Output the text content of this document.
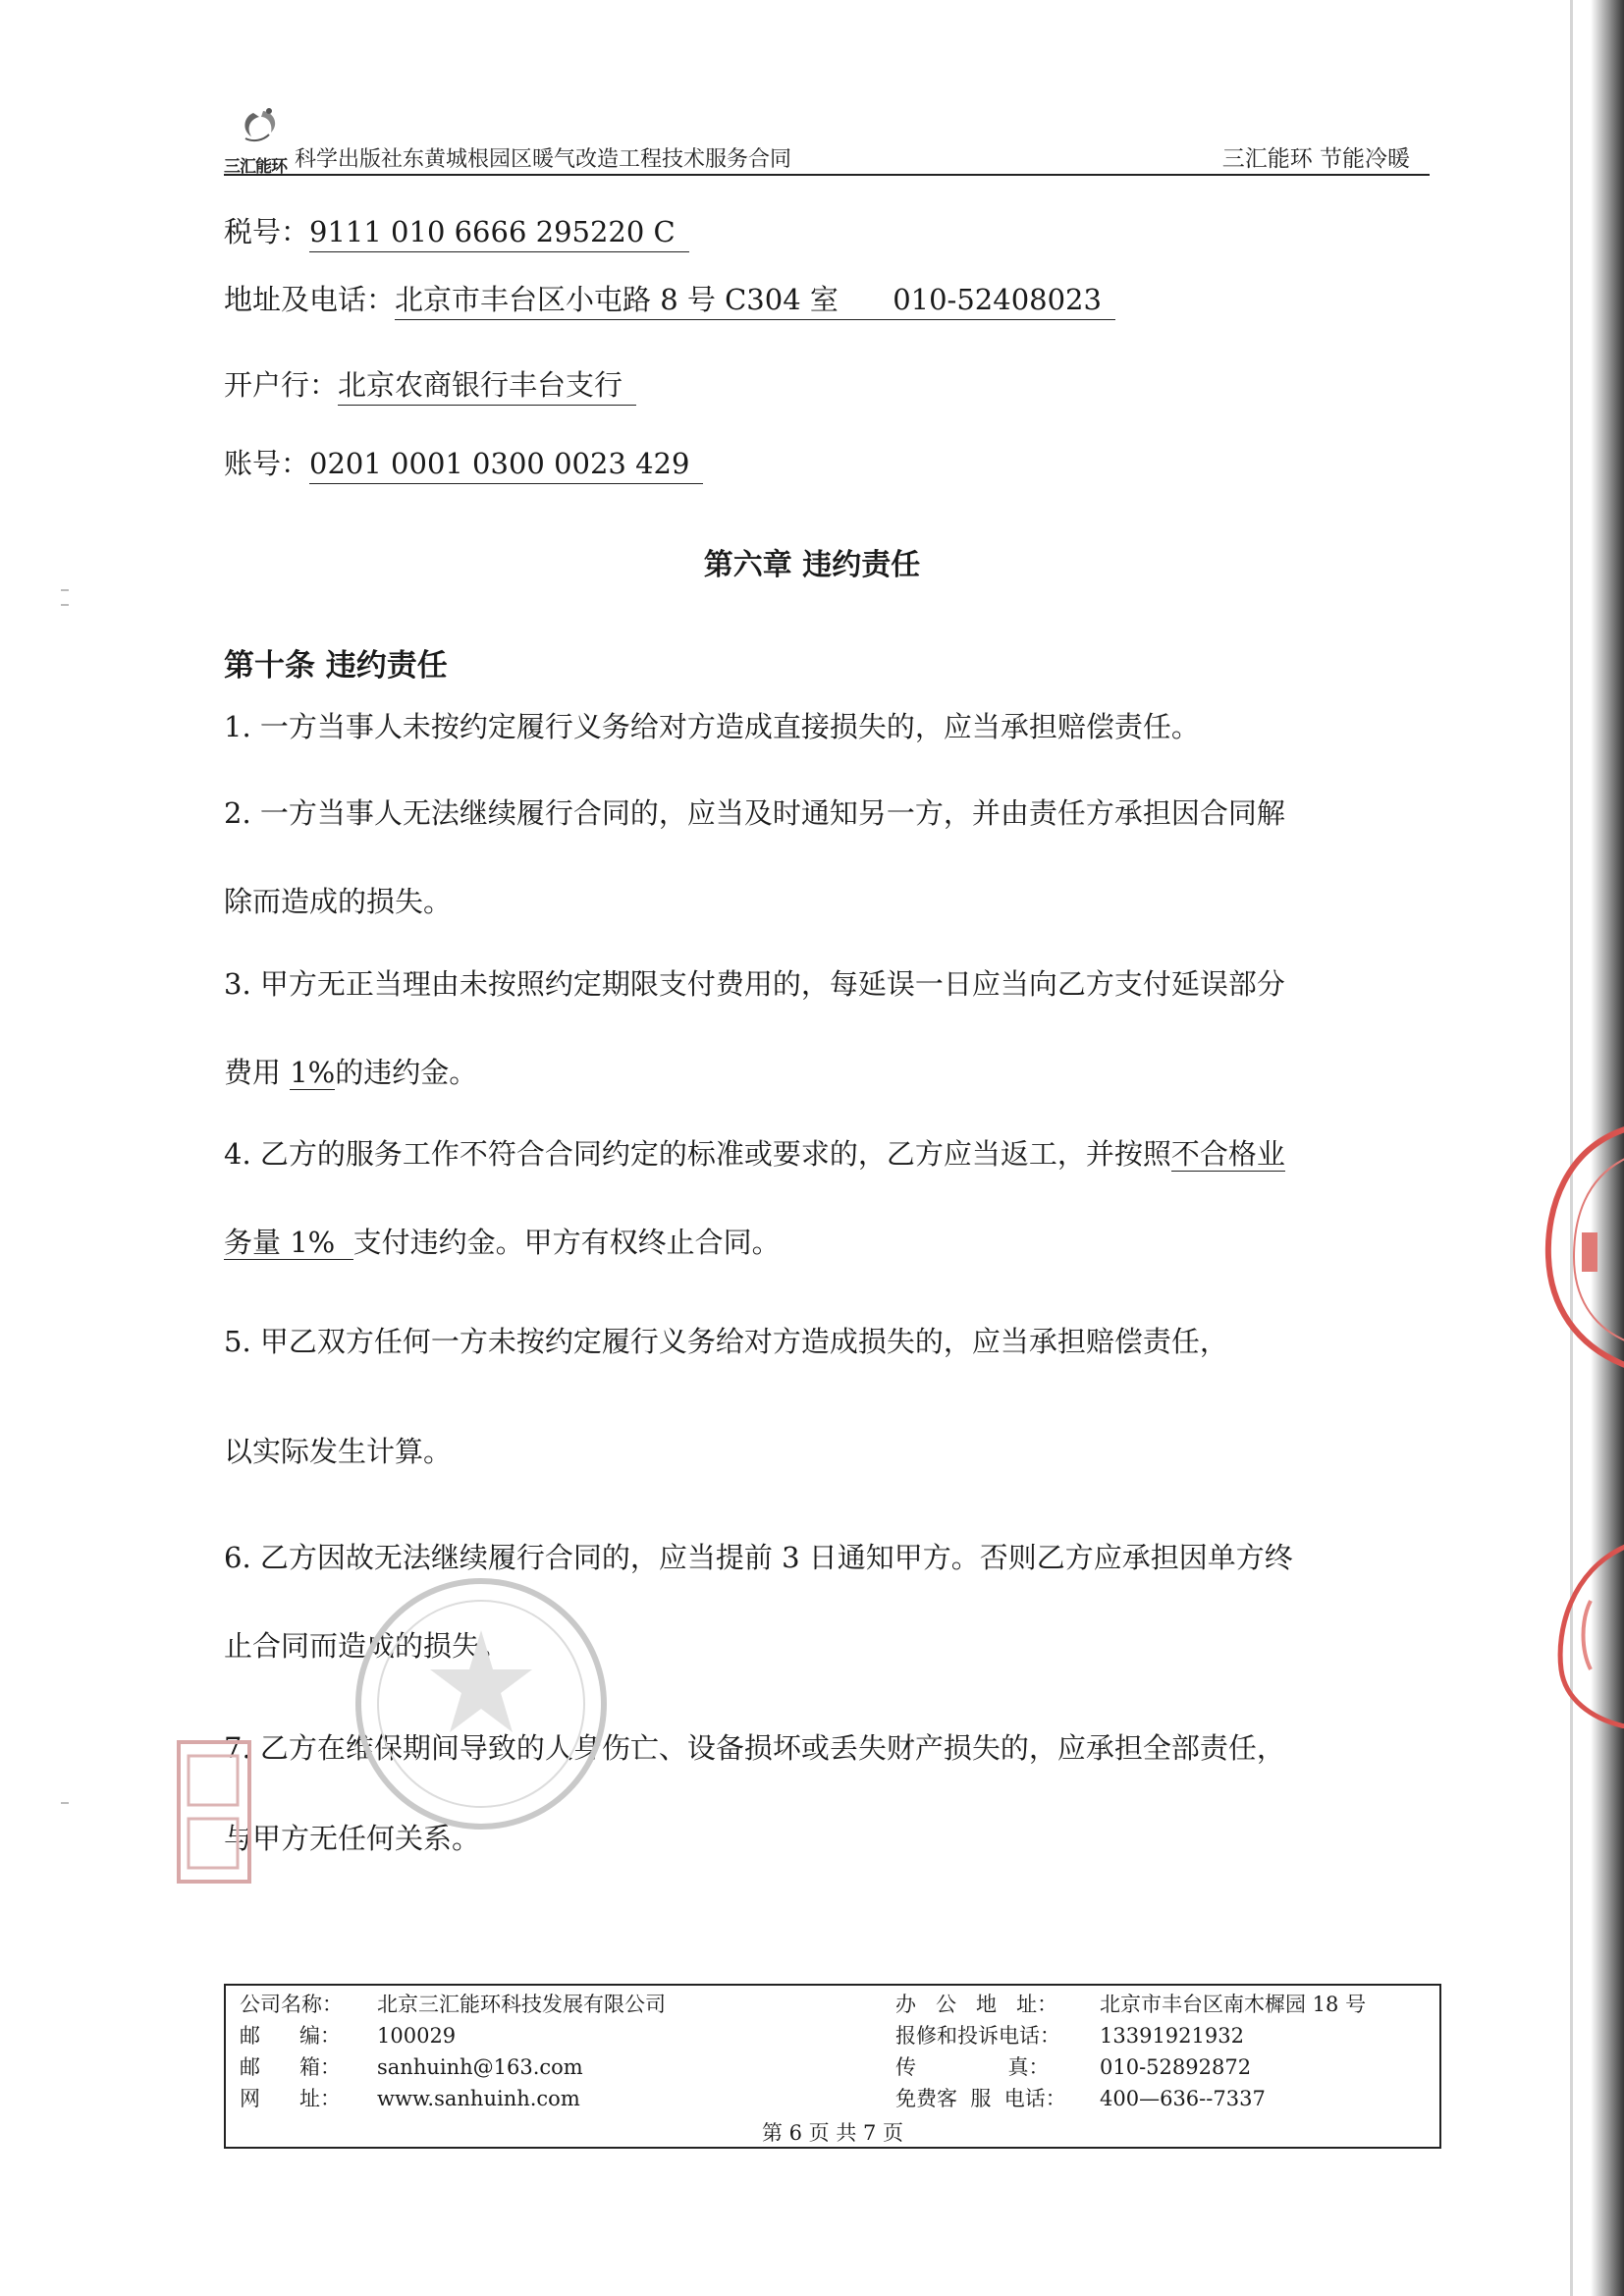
三汇能环 科学出版社东黄城根园区暖气改造工程技术服务合同	三汇能环 节能冷暖
税号：9111 010 6666 295220 C
地址及电话：北京市丰台区小屯路 8 号 C304 室      010-52408023
开户行：北京农商银行丰台支行
账号：0201 0001 0300 0023 429
第六章 违约责任
第十条 违约责任
1. 一方当事人未按约定履行义务给对方造成直接损失的，应当承担赔偿责任。
2. 一方当事人无法继续履行合同的，应当及时通知另一方，并由责任方承担因合同解
除而造成的损失。
3. 甲方无正当理由未按照约定期限支付费用的，每延误一日应当向乙方支付延误部分
费用 1%的违约金。
4. 乙方的服务工作不符合合同约定的标准或要求的，乙方应当返工，并按照不合格业
务量 1%  支付违约金。甲方有权终止合同。
5. 甲乙双方任何一方未按约定履行义务给对方造成损失的，应当承担赔偿责任，
以实际发生计算。
6. 乙方因故无法继续履行合同的，应当提前 3 日通知甲方。否则乙方应承担因单方终
止合同而造成的损失。
7. 乙方在维保期间导致的人身伤亡、设备损坏或丢失财产损失的，应承担全部责任，
与甲方无任何关系。
公司名称： 北京三汇能环科技发展有限公司
邮      编： 100029
邮      箱： sanhuinh@163.com
网      址： www.sanhuinh.com
办   公   地   址： 北京市丰台区南木樨园 18 号
报修和投诉电话： 13391921932
传              真： 010-52892872
免费客  服  电话： 400—636--7337
第 6 页 共 7 页
